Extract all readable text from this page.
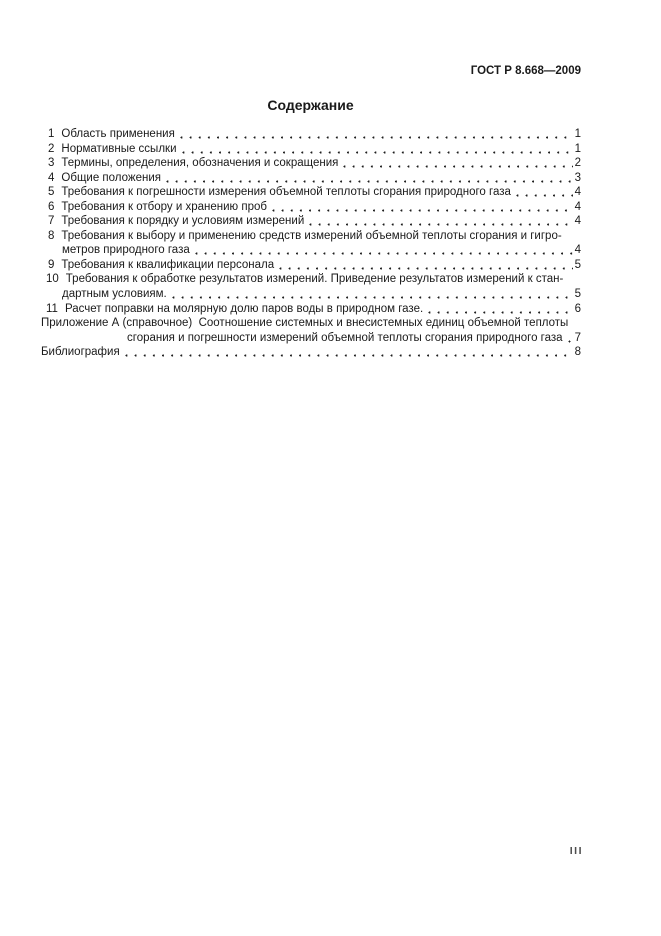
ГОСТ Р 8.668—2009
Содержание
1 Область применения	1
2 Нормативные ссылки	1
3 Термины, определения, обозначения и сокращения	2
4 Общие положения	3
5 Требования к погрешности измерения объемной теплоты сгорания природного газа	4
6 Требования к отбору и хранению проб	4
7 Требования к порядку и условиям измерений	4
8 Требования к выбору и применению средств измерений объемной теплоты сгорания и гигро-
метров природного газа	4
9 Требования к квалификации персонала	5
10 Требования к обработке результатов измерений. Приведение результатов измерений к стан-
дартным условиям.	5
11 Расчет поправки на молярную долю паров воды в природном газе.	6
Приложение А (справочное)  Соотношение системных и внесистемных единиц объемной теплоты
сгорания и погрешности измерений объемной теплоты сгорания природного газа 7
Библиография	8
III
